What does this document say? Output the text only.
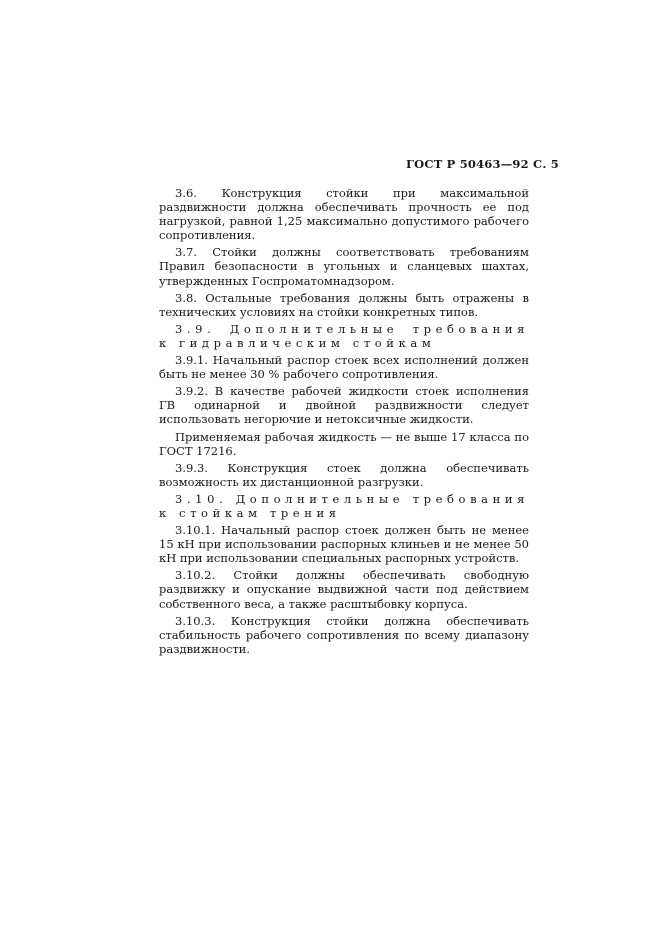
ГОСТ Р 50463—92 С. 5

3.6. Конструкция стойки при максимальной раздвижности должна обеспечивать прочность ее под нагрузкой, равной 1,25 максимально допустимого рабочего сопротивления.

3.7. Стойки должны соответствовать требованиям Правил безопасности в угольных и сланцевых шахтах, утвержденных Госпроматомнадзором.

3.8. Остальные требования должны быть отражены в технических условиях на стойки конкретных типов.

3.9. Дополнительные требования к гидравлическим стойкам

3.9.1. Начальный распор стоек всех исполнений должен быть не менее 30 % рабочего сопротивления.

3.9.2. В качестве рабочей жидкости стоек исполнения ГВ одинарной и двойной раздвижности следует использовать негорючие и нетоксичные жидкости.

Применяемая рабочая жидкость — не выше 17 класса по ГОСТ 17216.

3.9.3. Конструкция стоек должна обеспечивать возможность их дистанционной разгрузки.

3.10. Дополнительные требования к стойкам трения

3.10.1. Начальный распор стоек должен быть не менее 15 кН при использовании распорных клиньев и не менее 50 кН при использовании специальных распорных устройств.

3.10.2. Стойки должны обеспечивать свободную раздвижку и опускание выдвижной части под действием собственного веса, а также расштыбовку корпуса.

3.10.3. Конструкция стойки должна обеспечивать стабильность рабочего сопротивления по всему диапазону раздвижности.
